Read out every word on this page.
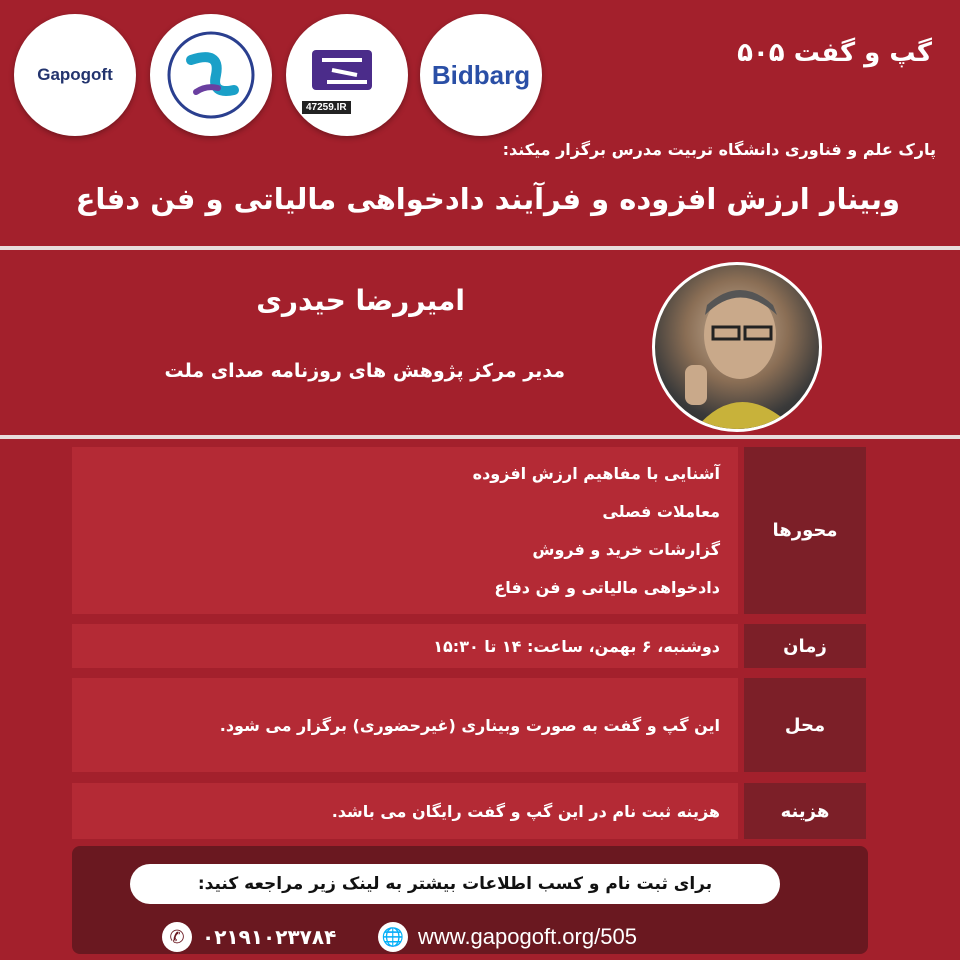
Gapogoft
47259.IR
Bidbarg
گپ و گفت ۵۰۵
پارک علم و فناوری دانشگاه تربیت مدرس برگزار میکند:
وبینار ارزش افزوده و فرآیند دادخواهی مالیاتی و فن دفاع
امیررضا حیدری
مدیر مرکز پژوهش های روزنامه صدای ملت
محورها
آشنایی با مفاهیم ارزش افزوده
معاملات فصلی
گزارشات خرید و فروش
دادخواهی مالیاتی و فن دفاع
زمان
دوشنبه، ۶ بهمن، ساعت: ۱۴ تا ۱۵:۳۰
محل
این گپ و گفت به صورت وبیناری (غیرحضوری) برگزار می شود.
هزینه
هزینه ثبت نام در این گپ و گفت رایگان می باشد.
برای ثبت نام و کسب اطلاعات بیشتر به لینک زیر مراجعه کنید:
🌐 www.gapogoft.org/505
✆ ۰۲۱۹۱۰۲۳۷۸۴
